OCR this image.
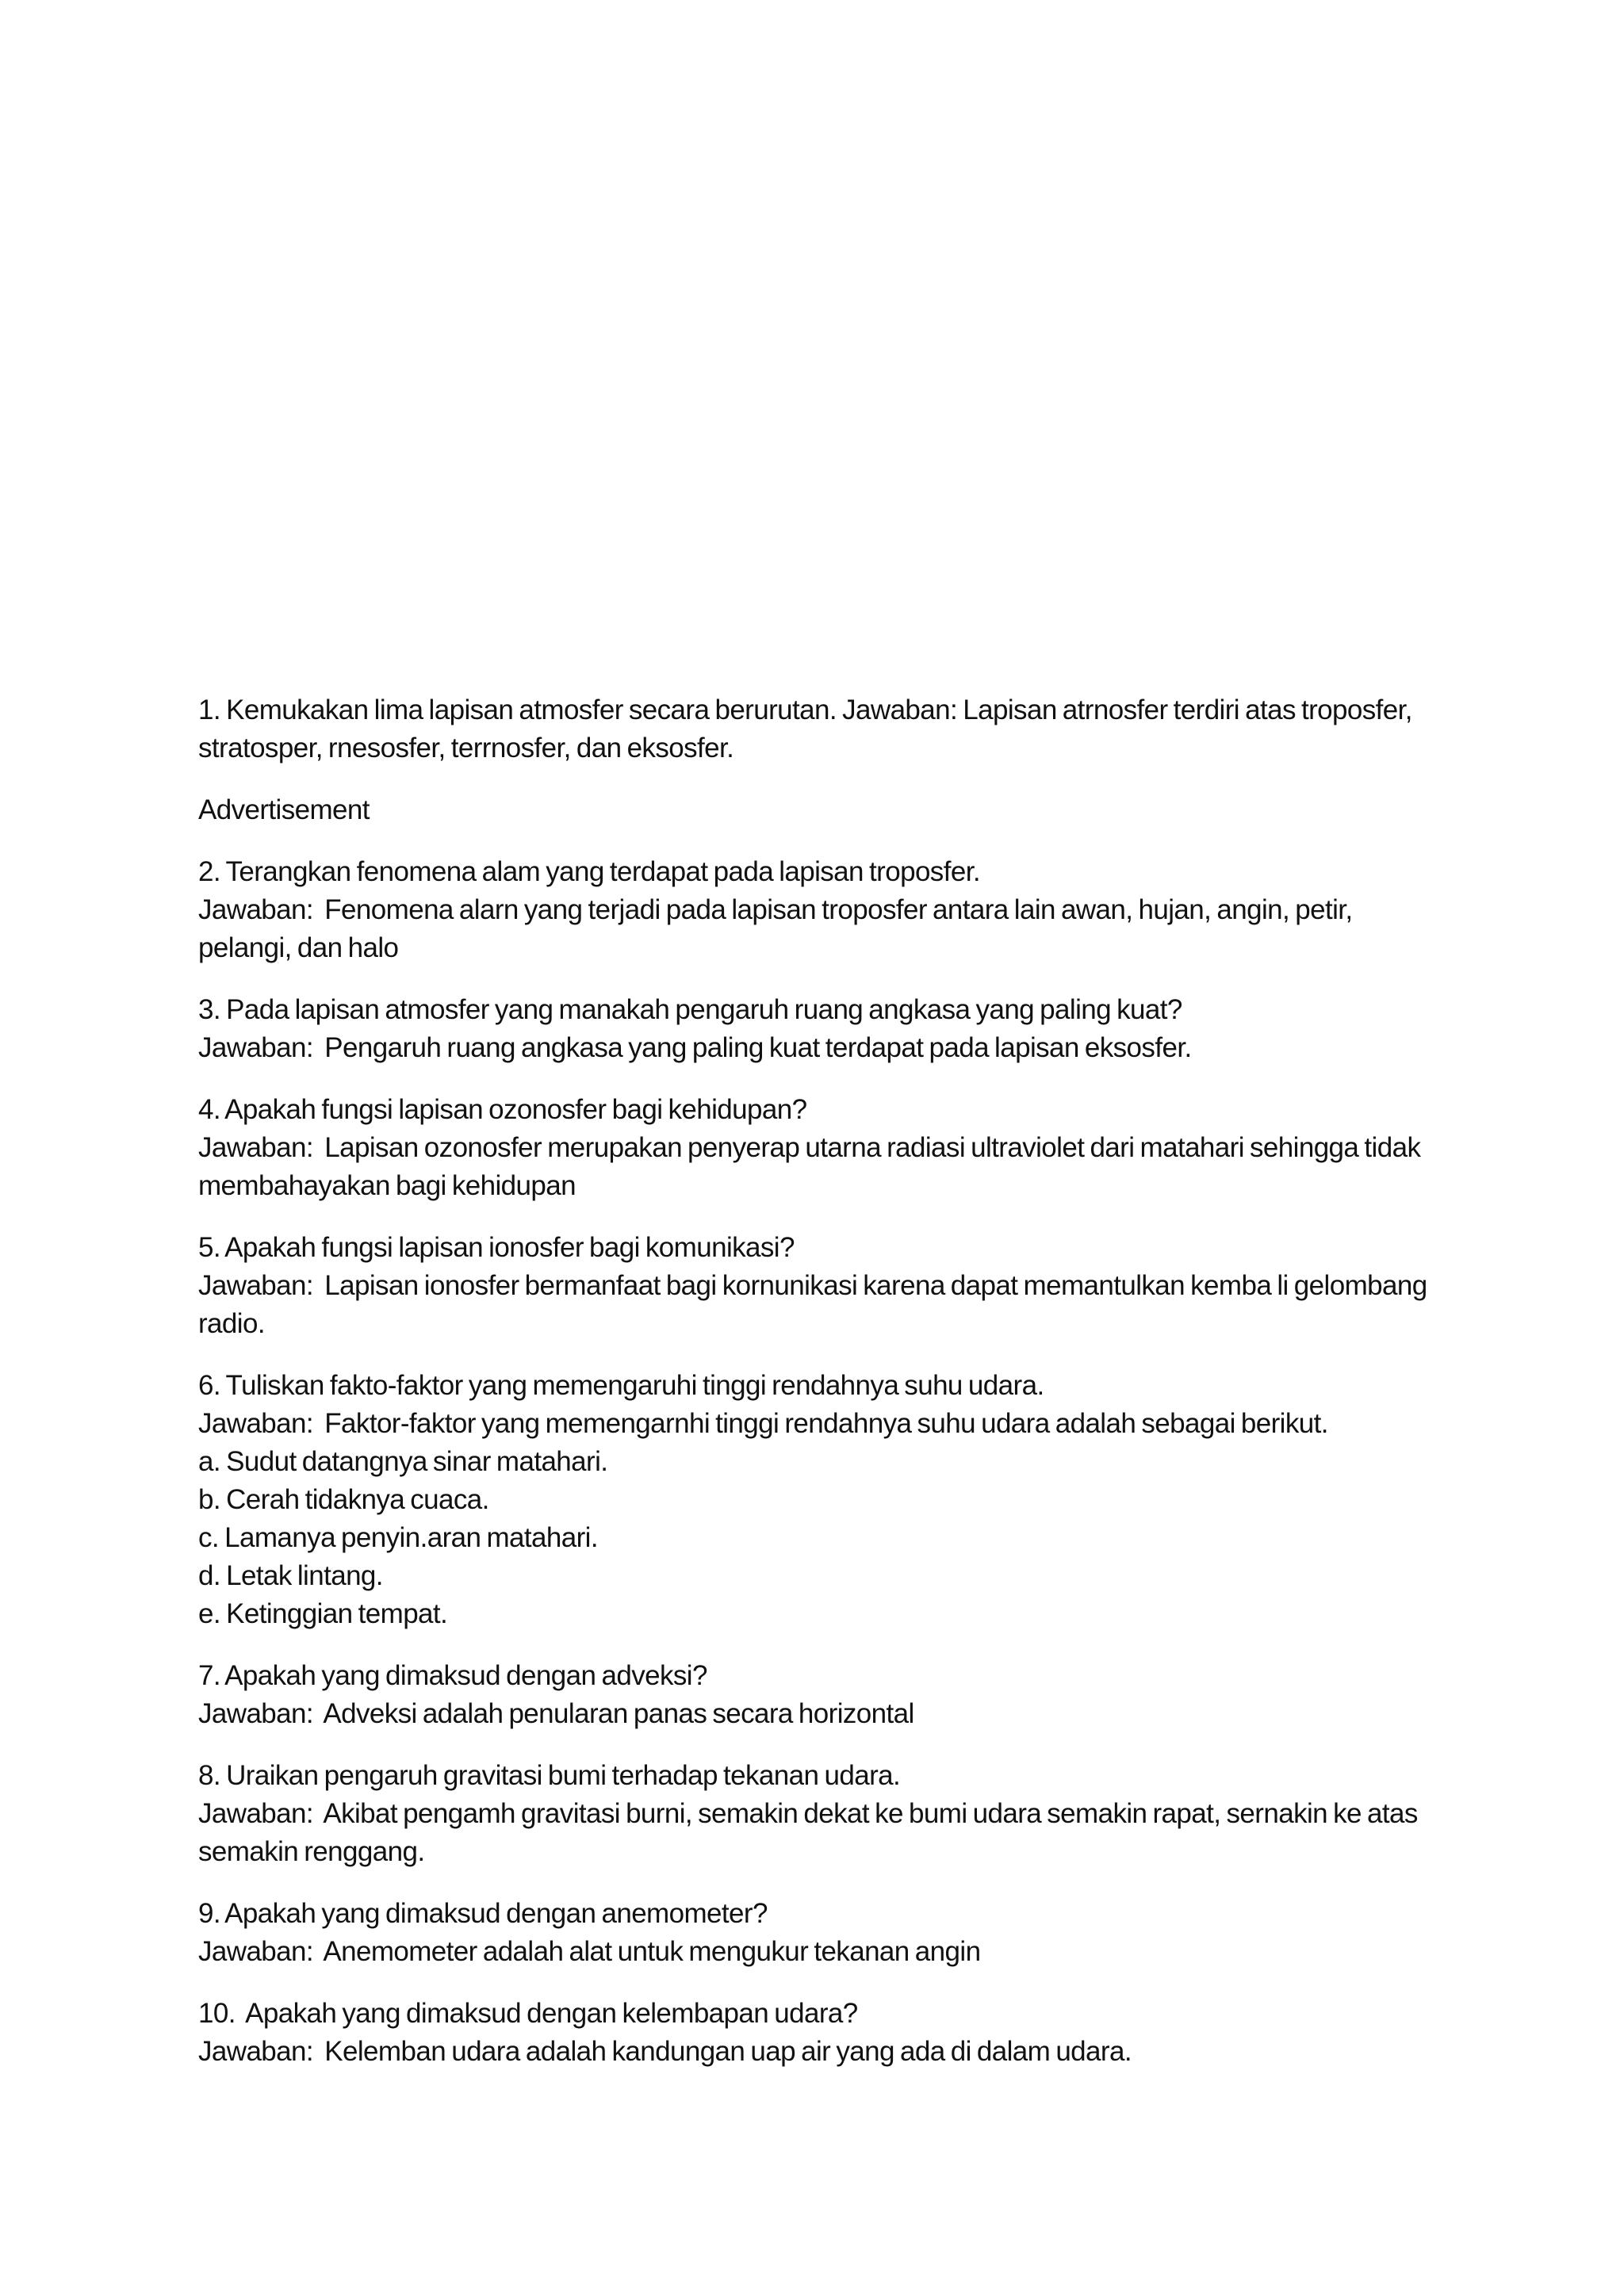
1. Kemukakan lima lapisan atmosfer secara berurutan. Jawaban: Lapisan atrnosfer terdiri atas troposfer, stratosper, rnesosfer, terrnosfer, dan eksosfer.

Advertisement

2. Terangkan fenomena alam yang terdapat pada lapisan troposfer.

Jawaban:  Fenomena alarn yang terjadi pada lapisan troposfer antara lain awan, hujan, angin, petir, pelangi, dan halo

3. Pada lapisan atmosfer yang manakah pengaruh ruang angkasa yang paling kuat?

Jawaban:  Pengaruh ruang angkasa yang paling kuat terdapat pada lapisan eksosfer.

4. Apakah fungsi lapisan ozonosfer bagi kehidupan?

Jawaban:  Lapisan ozonosfer merupakan penyerap utarna radiasi ultraviolet dari matahari sehingga tidak membahayakan bagi kehidupan

5. Apakah fungsi lapisan ionosfer bagi komunikasi?

Jawaban:  Lapisan ionosfer bermanfaat bagi kornunikasi karena dapat memantulkan kemba li gelombang radio.

6. Tuliskan fakto-faktor yang memengaruhi tinggi rendahnya suhu udara.

Jawaban:  Faktor-faktor yang memengarnhi tinggi rendahnya suhu udara adalah sebagai berikut.

a. Sudut datangnya sinar matahari.

b. Cerah tidaknya cuaca.

c. Lamanya penyin.aran matahari.

d. Letak lintang.

e. Ketinggian tempat.

7. Apakah yang dimaksud dengan adveksi?

Jawaban:  Adveksi adalah penularan panas secara horizontal

8. Uraikan pengaruh gravitasi bumi terhadap tekanan udara.

Jawaban:  Akibat pengamh gravitasi burni, semakin dekat ke bumi udara semakin rapat, sernakin ke atas semakin renggang.

9. Apakah yang dimaksud dengan anemometer?

Jawaban:  Anemometer adalah alat untuk mengukur tekanan angin

10.  Apakah yang dimaksud dengan kelembapan udara?

Jawaban:  Kelemban udara adalah kandungan uap air yang ada di dalam udara.
